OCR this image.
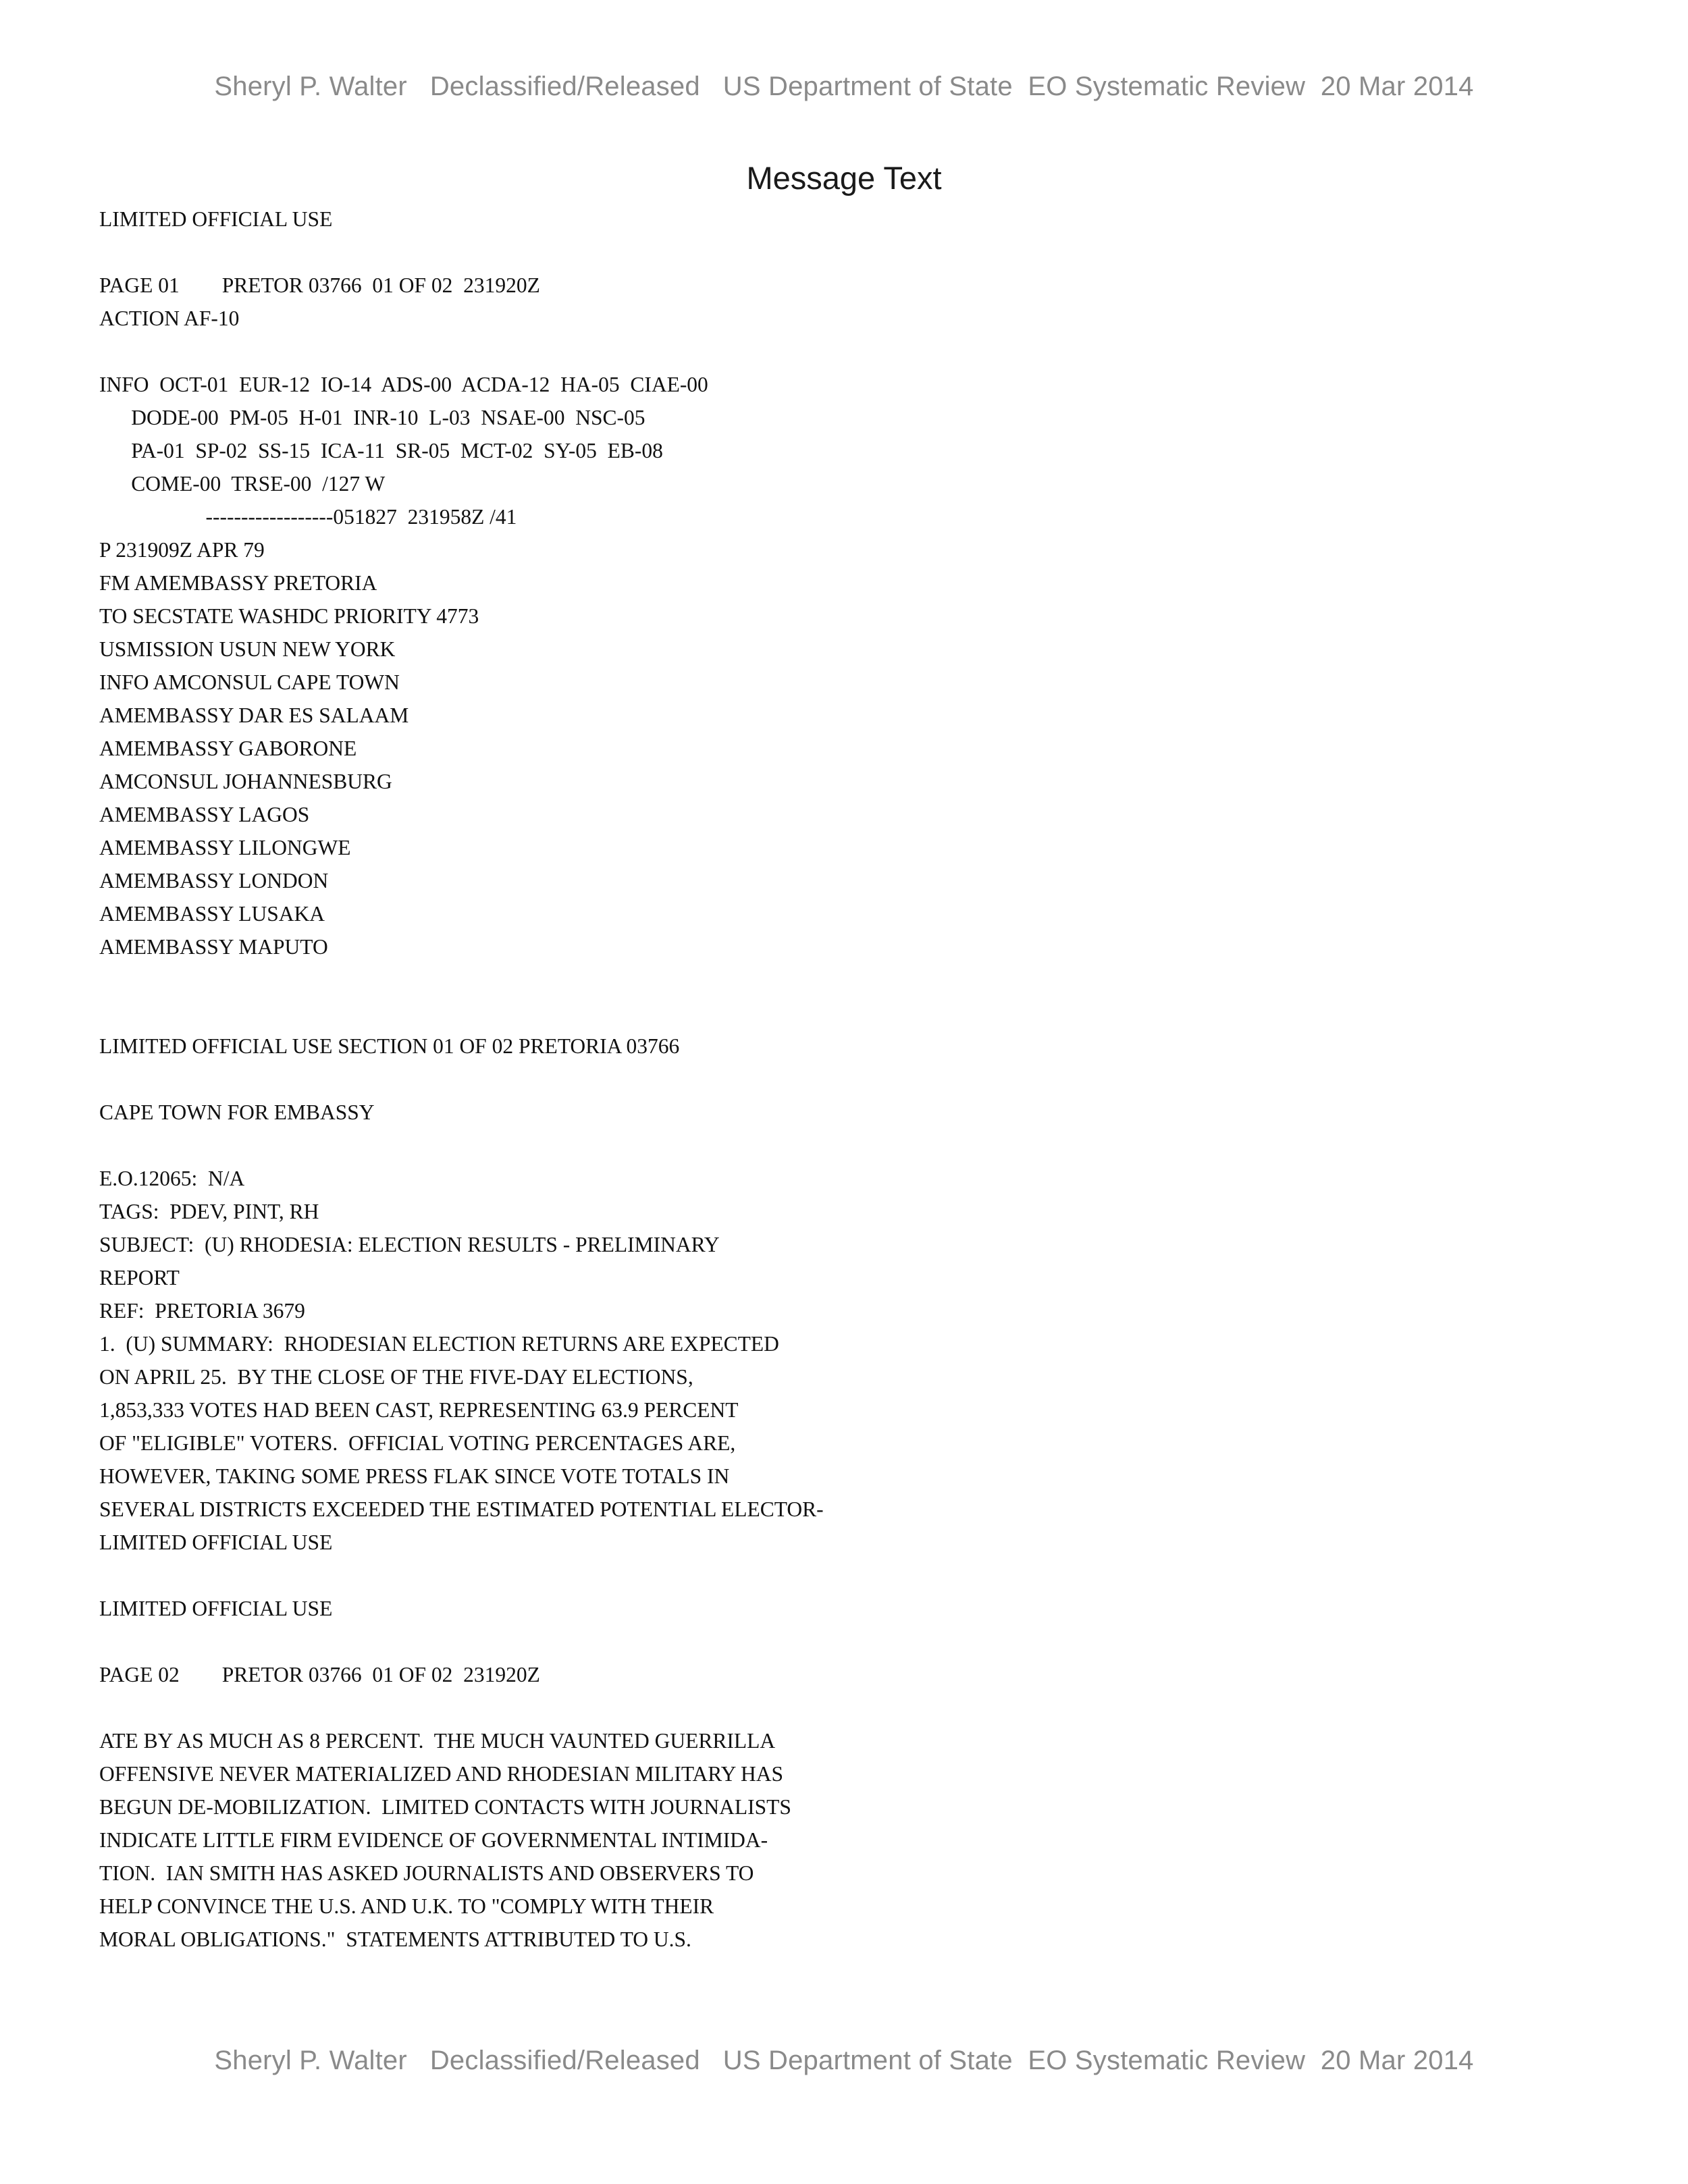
Sheryl P. Walter   Declassified/Released   US Department of State  EO Systematic Review  20 Mar 2014
Message Text
LIMITED OFFICIAL USE
PAGE 01        PRETOR 03766  01 OF 02  231920Z
ACTION AF-10
INFO  OCT-01  EUR-12  IO-14  ADS-00  ACDA-12  HA-05  CIAE-00
DODE-00  PM-05  H-01  INR-10  L-03  NSAE-00  NSC-05
PA-01  SP-02  SS-15  ICA-11  SR-05  MCT-02  SY-05  EB-08
COME-00  TRSE-00  /127 W
------------------051827  231958Z /41
P 231909Z APR 79
FM AMEMBASSY PRETORIA
TO SECSTATE WASHDC PRIORITY 4773
USMISSION USUN NEW YORK
INFO AMCONSUL CAPE TOWN
AMEMBASSY DAR ES SALAAM
AMEMBASSY GABORONE
AMCONSUL JOHANNESBURG
AMEMBASSY LAGOS
AMEMBASSY LILONGWE
AMEMBASSY LONDON
AMEMBASSY LUSAKA
AMEMBASSY MAPUTO
LIMITED OFFICIAL USE SECTION 01 OF 02 PRETORIA 03766
CAPE TOWN FOR EMBASSY
E.O.12065:  N/A
TAGS:  PDEV, PINT, RH
SUBJECT:  (U) RHODESIA: ELECTION RESULTS - PRELIMINARY
REPORT
REF:  PRETORIA 3679
1.  (U) SUMMARY:  RHODESIAN ELECTION RETURNS ARE EXPECTED
ON APRIL 25.  BY THE CLOSE OF THE FIVE-DAY ELECTIONS,
1,853,333 VOTES HAD BEEN CAST, REPRESENTING 63.9 PERCENT
OF "ELIGIBLE" VOTERS.  OFFICIAL VOTING PERCENTAGES ARE,
HOWEVER, TAKING SOME PRESS FLAK SINCE VOTE TOTALS IN
SEVERAL DISTRICTS EXCEEDED THE ESTIMATED POTENTIAL ELECTOR-
LIMITED OFFICIAL USE
LIMITED OFFICIAL USE
PAGE 02        PRETOR 03766  01 OF 02  231920Z
ATE BY AS MUCH AS 8 PERCENT.  THE MUCH VAUNTED GUERRILLA
OFFENSIVE NEVER MATERIALIZED AND RHODESIAN MILITARY HAS
BEGUN DE-MOBILIZATION.  LIMITED CONTACTS WITH JOURNALISTS
INDICATE LITTLE FIRM EVIDENCE OF GOVERNMENTAL INTIMIDA-
TION.  IAN SMITH HAS ASKED JOURNALISTS AND OBSERVERS TO
HELP CONVINCE THE U.S. AND U.K. TO "COMPLY WITH THEIR
MORAL OBLIGATIONS."  STATEMENTS ATTRIBUTED TO U.S.
Sheryl P. Walter   Declassified/Released   US Department of State  EO Systematic Review  20 Mar 2014
